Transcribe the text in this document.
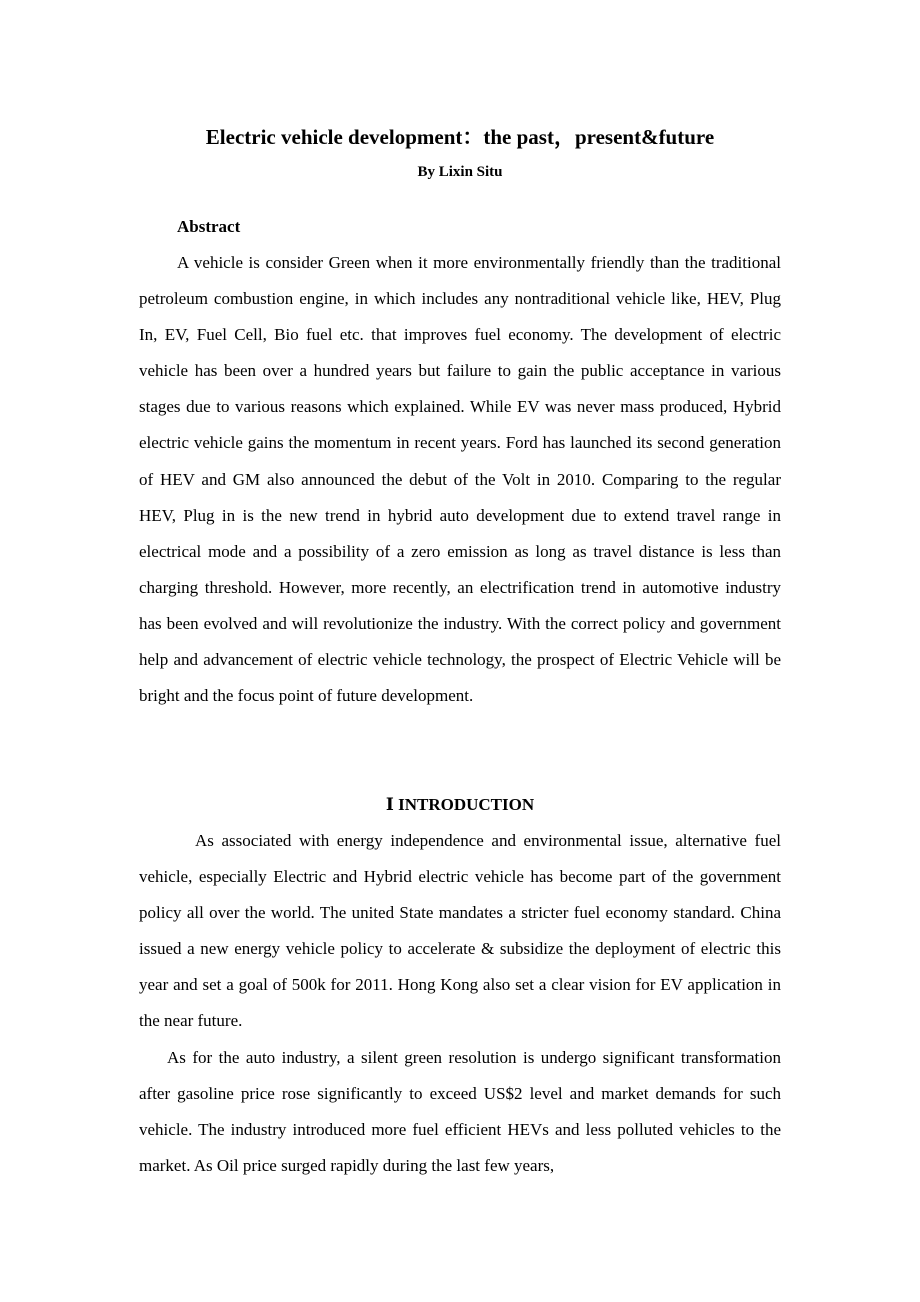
Electric vehicle development：the past，present&future

By Lixin Situ

Abstract

A vehicle is consider Green when it more environmentally friendly than the traditional petroleum combustion engine, in which includes any nontraditional vehicle like, HEV, Plug In, EV, Fuel Cell, Bio fuel etc. that improves fuel economy. The development of electric vehicle has been over a hundred years but failure to gain the public acceptance in various stages due to various reasons which explained. While EV was never mass produced, Hybrid electric vehicle gains the momentum in recent years. Ford has launched its second generation of HEV and GM also announced the debut of the Volt in 2010. Comparing to the regular HEV, Plug in is the new trend in hybrid auto development due to extend travel range in electrical mode and a possibility of a zero emission as long as travel distance is less than charging threshold. However, more recently, an electrification trend in automotive industry has been evolved and will revolutionize the industry. With the correct policy and government help and advancement of electric vehicle technology, the prospect of Electric Vehicle will be bright and the focus point of future development.

Ⅰ INTRODUCTION

As associated with energy independence and environmental issue, alternative fuel vehicle, especially Electric and Hybrid electric vehicle has become part of the government policy all over the world. The united State mandates a stricter fuel economy standard. China issued a new energy vehicle policy to accelerate & subsidize the deployment of electric this year and set a goal of 500k for 2011. Hong Kong also set a clear vision for EV application in the near future.

As for the auto industry, a silent green resolution is undergo significant transformation after gasoline price rose significantly to exceed US$2 level and market demands for such vehicle. The industry introduced more fuel efficient HEVs and less polluted vehicles to the market. As Oil price surged rapidly during the last few years,
